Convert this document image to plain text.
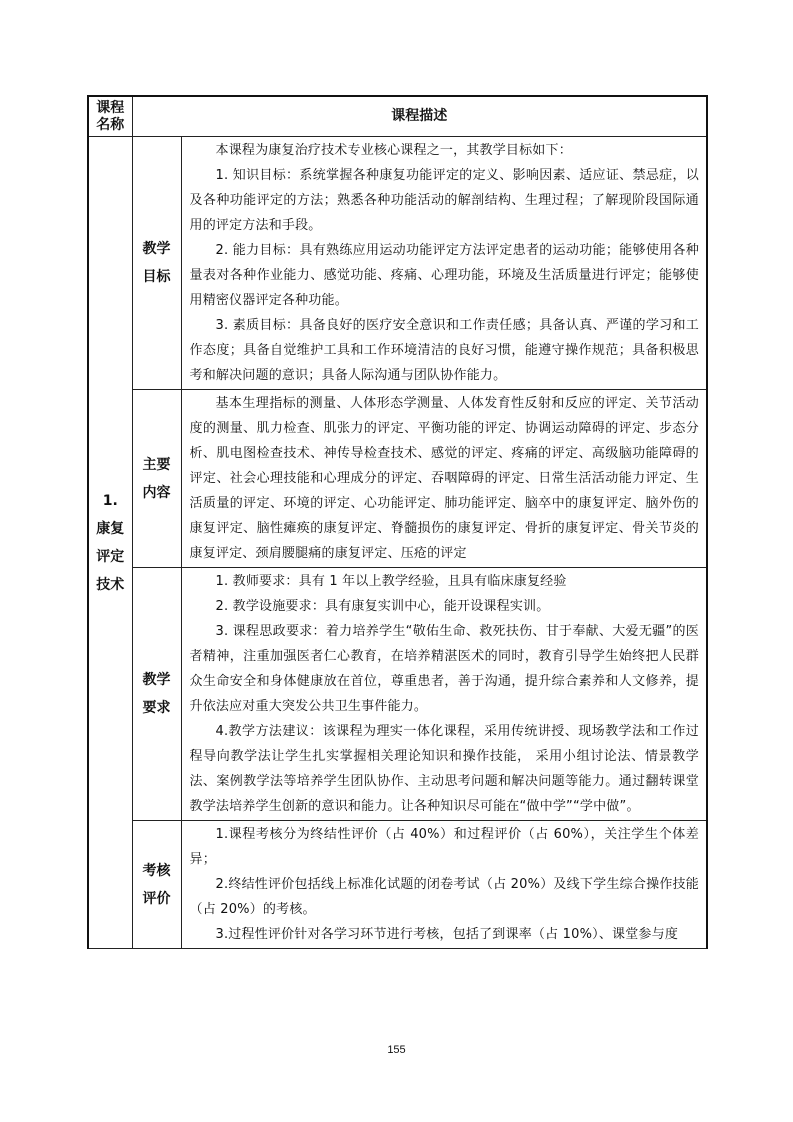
课程名称	课程描述	
1. 康复评定技术	教学目标	本课程为康复治疗技术专业核心课程之一，其教学目标如下：

1. 知识目标：系统掌握各种康复功能评定的定义、影响因素、适应证、禁忌症，以及各种功能评定的方法；熟悉各种功能活动的解剖结构、生理过程；了解现阶段国际通用的评定方法和手段。

2. 能力目标：具有熟练应用运动功能评定方法评定患者的运动功能；能够使用各种量表对各种作业能力、感觉功能、疼痛、心理功能，环境及生活质量进行评定；能够使用精密仪器评定各种功能。

3. 素质目标：具备良好的医疗安全意识和工作责任感；具备认真、严谨的学习和工作态度；具备自觉维护工具和工作环境清洁的良好习惯，能遵守操作规范；具备积极思考和解决问题的意识；具备人际沟通与团队协作能力。

	主要内容	基本生理指标的测量、人体形态学测量、人体发育性反射和反应的评定、关节活动度的测量、肌力检查、肌张力的评定、平衡功能的评定、协调运动障碍的评定、步态分析、肌电图检查技术、神传导检查技术、感觉的评定、疼痛的评定、高级脑功能障碍的评定、社会心理技能和心理成分的评定、吞咽障碍的评定、日常生活活动能力评定、生活质量的评定、环境的评定、心功能评定、肺功能评定、脑卒中的康复评定、脑外伤的康复评定、脑性瘫痪的康复评定、脊髓损伤的康复评定、骨折的康复评定、骨关节炎的康复评定、颈肩腰腿痛的康复评定、压疮的评定

	教学要求	1. 教师要求：具有 1 年以上教学经验，且具有临床康复经验

2. 教学设施要求：具有康复实训中心，能开设课程实训。

3. 课程思政要求：着力培养学生“敬佑生命、救死扶伤、甘于奉献、大爱无疆”的医者精神，注重加强医者仁心教育，在培养精湛医术的同时，教育引导学生始终把人民群众生命安全和身体健康放在首位，尊重患者，善于沟通，提升综合素养和人文修养，提升依法应对重大突发公共卫生事件能力。

4.教学方法建议：该课程为理实一体化课程，采用传统讲授、现场教学法和工作过程导向教学法让学生扎实掌握相关理论知识和操作技能， 采用小组讨论法、情景教学法、案例教学法等培养学生团队协作、主动思考问题和解决问题等能力。通过翻转课堂教学法培养学生创新的意识和能力。让各种知识尽可能在“做中学”“学中做”。

	考核评价	1.课程考核分为终结性评价（占 40%）和过程评价（占 60%），关注学生个体差异；

2.终结性评价包括线上标准化试题的闭卷考试（占 20%）及线下学生综合操作技能（占 20%）的考核。

3.过程性评价针对各学习环节进行考核，包括了到课率（占 10%）、课堂参与度

155
